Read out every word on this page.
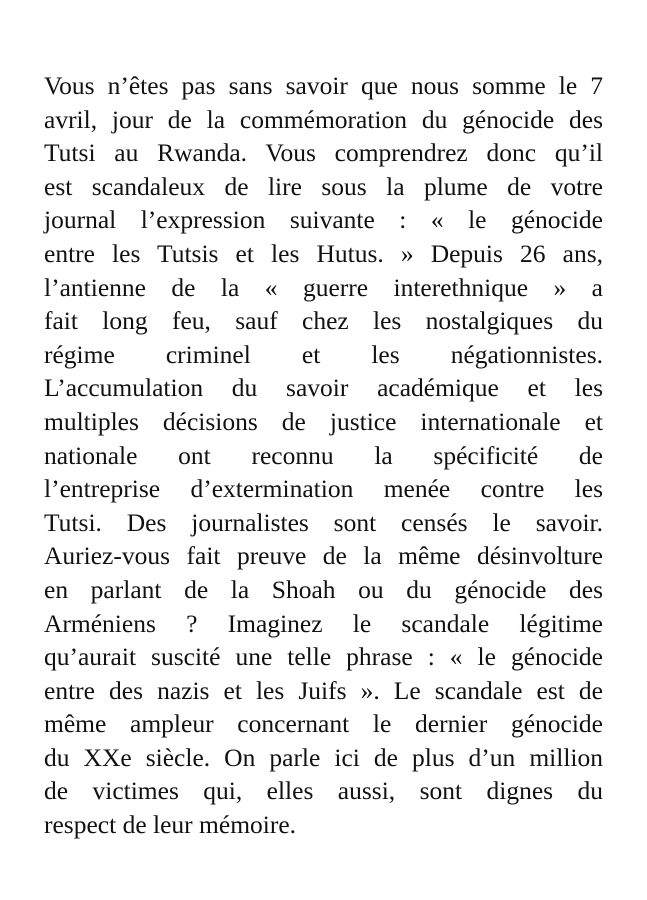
Vous n’êtes pas sans savoir que nous somme le 7
avril, jour de la commémoration du génocide des
Tutsi au Rwanda. Vous comprendrez donc qu’il
est scandaleux de lire sous la plume de votre
journal l’expression suivante : « le génocide
entre les Tutsis et les Hutus. » Depuis 26 ans,
l’antienne de la « guerre interethnique » a
fait long feu, sauf chez les nostalgiques du
régime criminel et les négationnistes.
L’accumulation du savoir académique et les
multiples décisions de justice internationale et
nationale ont reconnu la spécificité de
l’entreprise d’extermination menée contre les
Tutsi. Des journalistes sont censés le savoir.
Auriez-vous fait preuve de la même désinvolture
en parlant de la Shoah ou du génocide des
Arméniens ? Imaginez le scandale légitime
qu’aurait suscité une telle phrase : « le génocide
entre des nazis et les Juifs ». Le scandale est de
même ampleur concernant le dernier génocide
du XXe siècle. On parle ici de plus d’un million
de victimes qui, elles aussi, sont dignes du
respect de leur mémoire.
